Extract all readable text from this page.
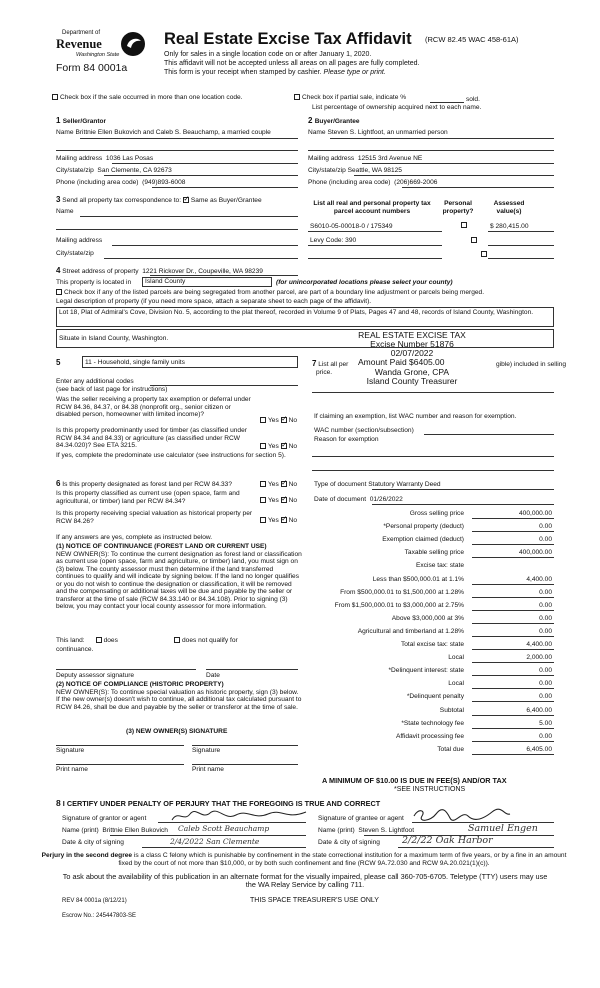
Department of
Revenue
Washington State
Form 84 0001a
Real Estate Excise Tax Affidavit (RCW 82.45 WAC 458-61A)
Only for sales in a single location code on or after January 1, 2020.
This affidavit will not be accepted unless all areas on all pages are fully completed.
This form is your receipt when stamped by cashier. Please type or print.
Check box if the sale occurred in more than one location code.	Check box if partial sale, indicate %	sold.
List percentage of ownership acquired next to each name.
1 Seller/Grantor
Name Brittnie Ellen Bukovich and Caleb S. Beauchamp, a married couple
Mailing address 1036 Las Posas
City/state/zip San Clemente, CA 92673
Phone (including area code) (949)893-6008
2 Buyer/Grantee
Name Steven S. Lightfoot, an unmarried person
Mailing address 12515 3rd Avenue NE
City/state/zip Seattle, WA 98125
Phone (including area code) (206)669-2006
3 Send all property tax correspondence to: ✓ Same as Buyer/Grantee
Name
Mailing address
City/state/zip
List all real and personal property tax
parcel account numbers
Personal
property?
Assessed
value(s)
S6010-05-00018-0 / 175349
	$ 280,415.00
Levy Code: 390

4 Street address of property 1221 Rickover Dr., Coupeville, WA 98239
This property is located in	Island County	(for unincorporated locations please select your county)
Check box if any of the listed parcels are being segregated from another parcel, are part of a boundary line adjustment or parcels being merged.
Legal description of property (if you need more space, attach a separate sheet to each page of the affidavit).
Lot 18, Plat of Admiral's Cove, Division No. 5, according to the plat thereof, recorded in Volume 9 of Plats, Pages 47 and 48, records of Island County, Washington.
Situate in Island County, Washington.	REAL ESTATE EXCISE TAX
Excise Number 51876
02/07/2022
Wanda Grone, CPA
Island County Treasurer
Amount Paid $6405.00
5	11 - Household, single family units
Enter any additional codes
(see back of last page for instructions)
Was the seller receiving a property tax exemption or deferral under RCW 84.36, 84.37, or 84.38 (nonprofit org., senior citizen or disabled person, homeowner with limited income)?
Yes ✓ No
Is this property predominantly used for timber (as classified under RCW 84.34 and 84.33) or agriculture (as classified under RCW 84.34.020)? See ETA 3215.	Yes ✓ No
If yes, complete the predominate use calculator (see instructions for section 5).
7 List all per	gible) included in selling
price.
If claiming an exemption, list WAC number and reason for exemption.
WAC number (section/subsection)
Reason for exemption
Type of document Statutory Warranty Deed
Date of document 01/26/2022
6 Is this property designated as forest land per RCW 84.33?	Yes ✓ No
Is this property classified as current use (open space, farm and agricultural, or timber) land per RCW 84.34?	Yes ✓ No
Is this property receiving special valuation as historical property per RCW 84.26?	Yes ✓ No
If any answers are yes, complete as instructed below.
(1) NOTICE OF CONTINUANCE (FOREST LAND OR CURRENT USE)
NEW OWNER(S): To continue the current designation as forest land or classification as current use (open space, farm and agriculture, or timber) land, you must sign on (3) below. The county assessor must then determine if the land transferred continues to qualify and will indicate by signing below. If the land no longer qualifies or you do not wish to continue the designation or classification, it will be removed and the compensating or additional taxes will be due and payable by the seller or transferor at the time of sale (RCW 84.33.140 or 84.34.108). Prior to signing (3) below, you may contact your local county assessor for more information.
This land:	does	does not qualify for
continuance.
Deputy assessor signature	Date
(2) NOTICE OF COMPLIANCE (HISTORIC PROPERTY)
NEW OWNER(S): To continue special valuation as historic property, sign (3) below. If the new owner(s) doesn't wish to continue, all additional tax calculated pursuant to RCW 84.26, shall be due and payable by the seller or transferor at the time of sale.
(3) NEW OWNER(S) SIGNATURE
Signature	Signature
Print name	Print name
A MINIMUM OF $10.00 IS DUE IN FEE(S) AND/OR TAX
*SEE INSTRUCTIONS
8 I CERTIFY UNDER PENALTY OF PERJURY THAT THE FOREGOING IS TRUE AND CORRECT
Signature of grantor or agent
Name (print) Brittnie Ellen Bukovich Caleb Scott Beauchamp
Date & city of signing	2/4/2022 San Clemente
Signature of grantee or agent
Name (print) Steven S. Lightfoot	Samuel Engen
Date & city of signing 2/2/22 Oak Harbor
Perjury in the second degree is a class C felony which is punishable by confinement in the state correctional institution for a maximum term of five years, or by a fine in an amount fixed by the court of not more than $10,000, or by both such confinement and fine (RCW 9A.72.030 and RCW 9A.20.021(1)(c)).
To ask about the availability of this publication in an alternate format for the visually impaired, please call 360-705-6705. Teletype (TTY) users may use the WA Relay Service by calling 711.
REV 84 0001a (8/12/21)	THIS SPACE TREASURER'S USE ONLY
Escrow No.: 245447803-SE
Gross selling price	400,000.00
*Personal property (deduct)	0.00
Exemption claimed (deduct)	0.00
Taxable selling price	400,000.00
Excise tax: state
Less than $500,000.01 at 1.1%	4,400.00
From $500,000.01 to $1,500,000 at 1.28%	0.00
From $1,500,000.01 to $3,000,000 at 2.75%	0.00
Above $3,000,000 at 3%	0.00
Agricultural and timberland at 1.28%	0.00
Total excise tax: state	4,400.00
Local	2,000.00
*Delinquent interest: state	0.00
Local	0.00
*Delinquent penalty	0.00
Subtotal	6,400.00
*State technology fee	5.00
Affidavit processing fee	0.00
Total due	6,405.00
